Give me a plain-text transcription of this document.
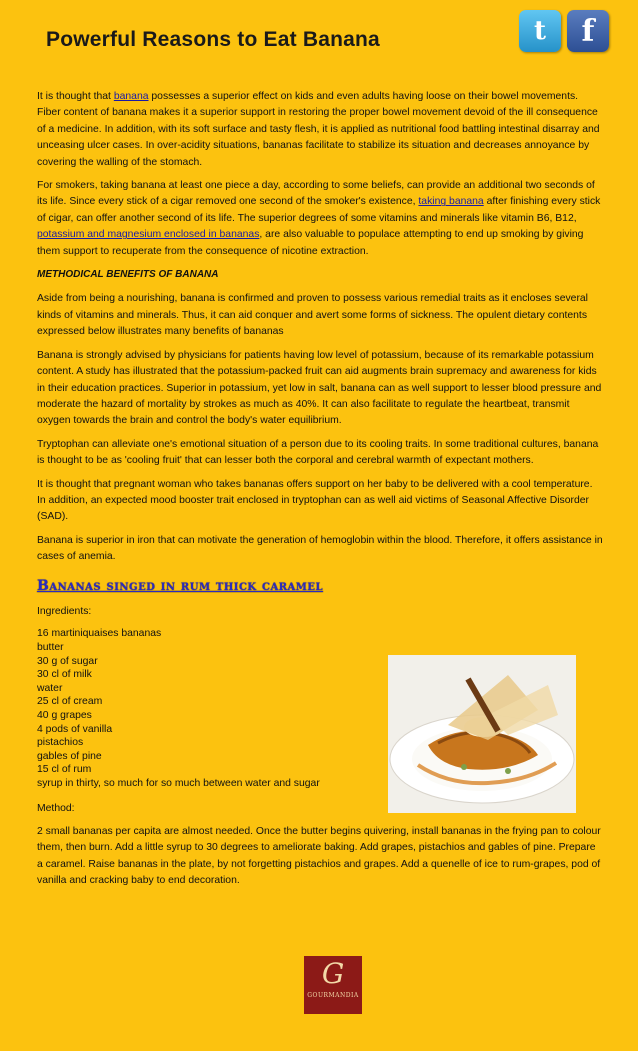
Powerful Reasons to Eat Banana	t	f

It is thought that banana possesses a superior effect on kids and even adults having loose on their bowel movements. Fiber content of banana makes it a superior support in restoring the proper bowel movement devoid of the ill consequence of a medicine. In addition, with its soft surface and tasty flesh, it is applied as nutritional food battling intestinal disarray and unceasing ulcer cases. In over-acidity situations, bananas facilitate to stabilize its situation and decreases annoyance by covering the walling of the stomach.

For smokers, taking banana at least one piece a day, according to some beliefs, can provide an additional two seconds of its life. Since every stick of a cigar removed one second of the smoker's existence, taking banana after finishing every stick of cigar, can offer another second of its life. The superior degrees of some vitamins and minerals like vitamin B6, B12, potassium and magnesium enclosed in bananas, are also valuable to populace attempting to end up smoking by giving them support to recuperate from the consequence of nicotine extraction.

METHODICAL BENEFITS OF BANANA

Aside from being a nourishing, banana is confirmed and proven to possess various remedial traits as it encloses several kinds of vitamins and minerals. Thus, it can aid conquer and avert some forms of sickness. The opulent dietary contents expressed below illustrates many benefits of bananas

Banana is strongly advised by physicians for patients having low level of potassium, because of its remarkable potassium content. A study has illustrated that the potassium-packed fruit can aid augments brain supremacy and awareness for kids in their education practices. Superior in potassium, yet low in salt, banana can as well support to lesser blood pressure and moderate the hazard of mortality by strokes as much as 40%. It can also facilitate to regulate the heartbeat, transmit oxygen towards the brain and control the body's water equilibrium.

Tryptophan can alleviate one's emotional situation of a person due to its cooling traits. In some traditional cultures, banana is thought to be as 'cooling fruit' that can lesser both the corporal and cerebral warmth of expectant mothers.

It is thought that pregnant woman who takes bananas offers support on her baby to be delivered with a cool temperature. In addition, an expected mood booster trait enclosed in tryptophan can as well aid victims of Seasonal Affective Disorder (SAD).

Banana is superior in iron that can motivate the generation of hemoglobin within the blood. Therefore, it offers assistance in cases of anemia.

Bananas singed in rum thick caramel

Ingredients:

16 martiniquaises bananas
butter
30 g of sugar
30 cl of milk
water
25 cl of cream
40 g grapes
4 pods of vanilla
pistachios
gables of pine
15 cl of rum
syrup in thirty, so much for so much between water and sugar

Method:

2 small bananas per capita are almost needed. Once the butter begins quivering, install bananas in the frying pan to colour them, then burn. Add a little syrup to 30 degrees to ameliorate baking. Add grapes, pistachios and gables of pine. Prepare a caramel. Raise bananas in the plate, by not forgetting pistachios and grapes. Add a quenelle of ice to rum-grapes, pod of vanilla and cracking baby to end decoration.

G
GOURMANDIA
